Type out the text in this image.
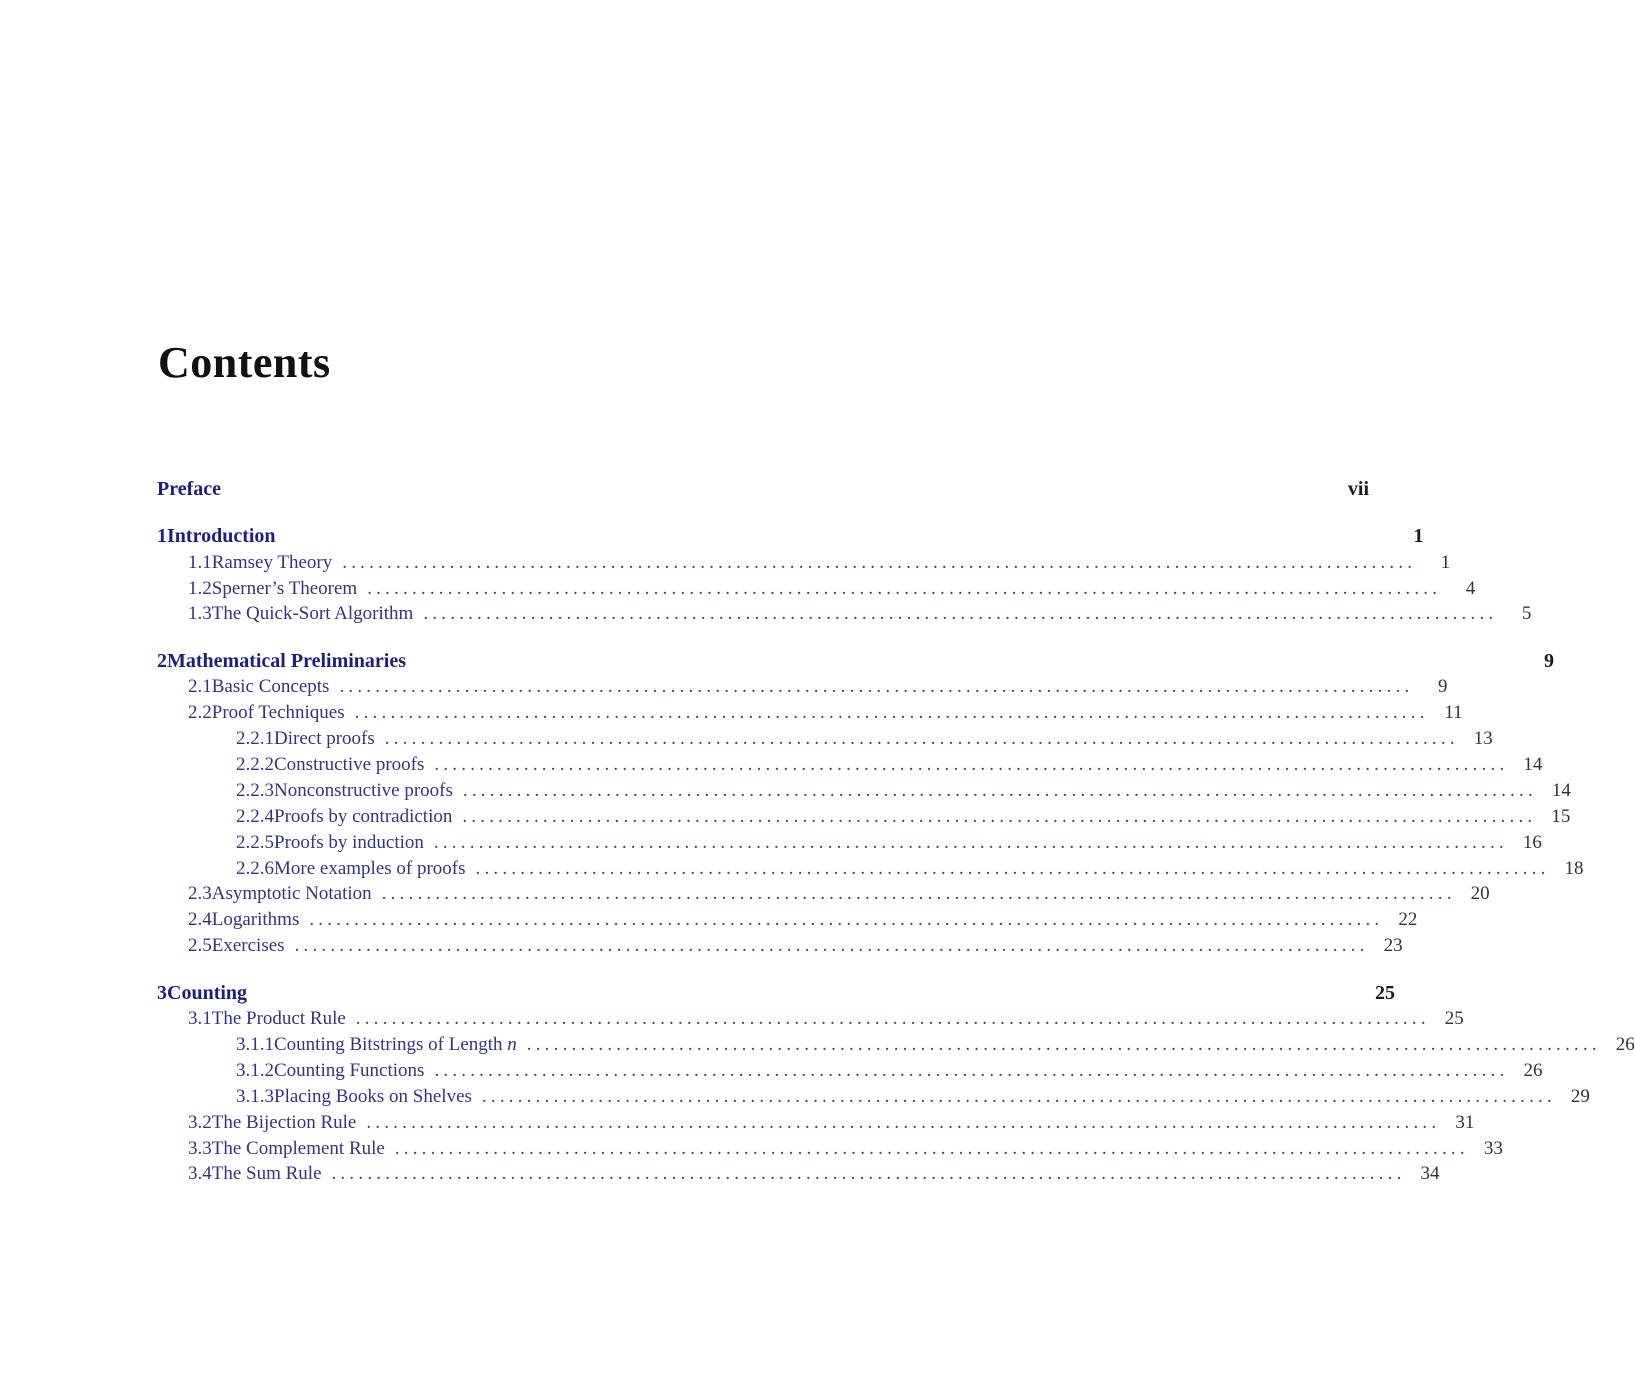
Contents
Preface	vii
1 Introduction	1
1.1 Ramsey Theory ........................................................................................................................	1
1.2 Sperner’s Theorem ........................................................................................................................	4
1.3 The Quick-Sort Algorithm ........................................................................................................................	5
2 Mathematical Preliminaries	9
2.1 Basic Concepts ........................................................................................................................	9
2.2 Proof Techniques ........................................................................................................................ 11
2.2.1 Direct proofs ........................................................................................................................ 13
2.2.2 Constructive proofs ........................................................................................................................ 14
2.2.3 Nonconstructive proofs ........................................................................................................................ 14
2.2.4 Proofs by contradiction ........................................................................................................................ 15
2.2.5 Proofs by induction ........................................................................................................................ 16
2.2.6 More examples of proofs ........................................................................................................................ 18
2.3 Asymptotic Notation ........................................................................................................................ 20
2.4 Logarithms ........................................................................................................................ 22
2.5 Exercises ........................................................................................................................ 23
3 Counting	25
3.1 The Product Rule ........................................................................................................................ 25
3.1.1 Counting Bitstrings of Length n ........................................................................................................................ 26
3.1.2 Counting Functions ........................................................................................................................ 26
3.1.3 Placing Books on Shelves ........................................................................................................................ 29
3.2 The Bijection Rule ........................................................................................................................ 31
3.3 The Complement Rule ........................................................................................................................ 33
3.4 The Sum Rule ........................................................................................................................ 34
